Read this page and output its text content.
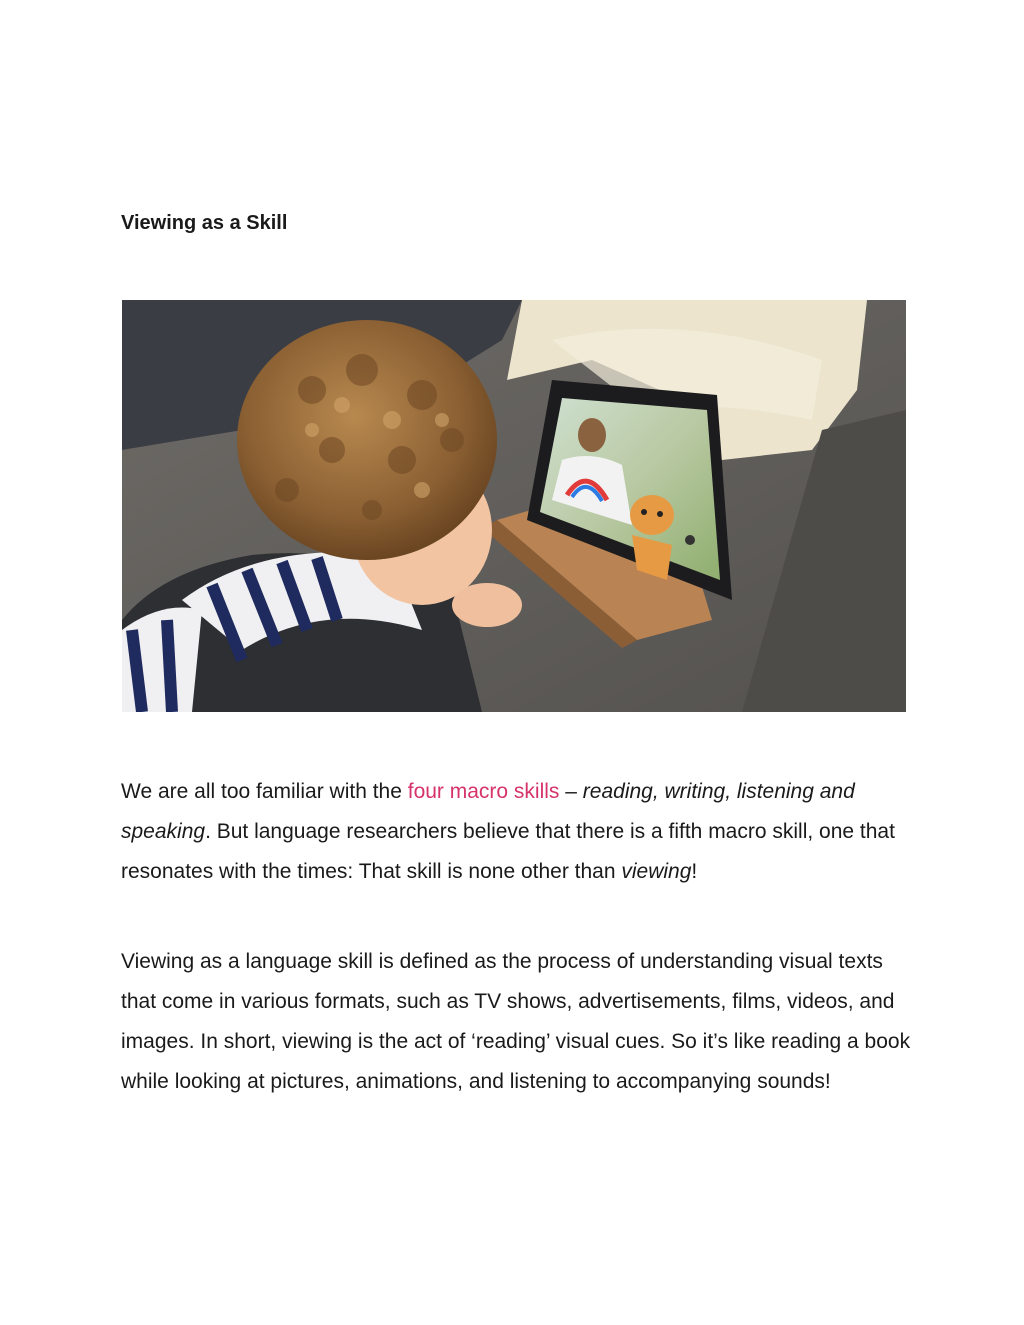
Viewing as a Skill

We are all too familiar with the four macro skills – reading, writing, listening and speaking. But language researchers believe that there is a fifth macro skill, one that resonates with the times: That skill is none other than viewing!

Viewing as a language skill is defined as the process of understanding visual texts that come in various formats, such as TV shows, advertisements, films, videos, and images. In short, viewing is the act of ‘reading’ visual cues. So it’s like reading a book while looking at pictures, animations, and listening to accompanying sounds!
